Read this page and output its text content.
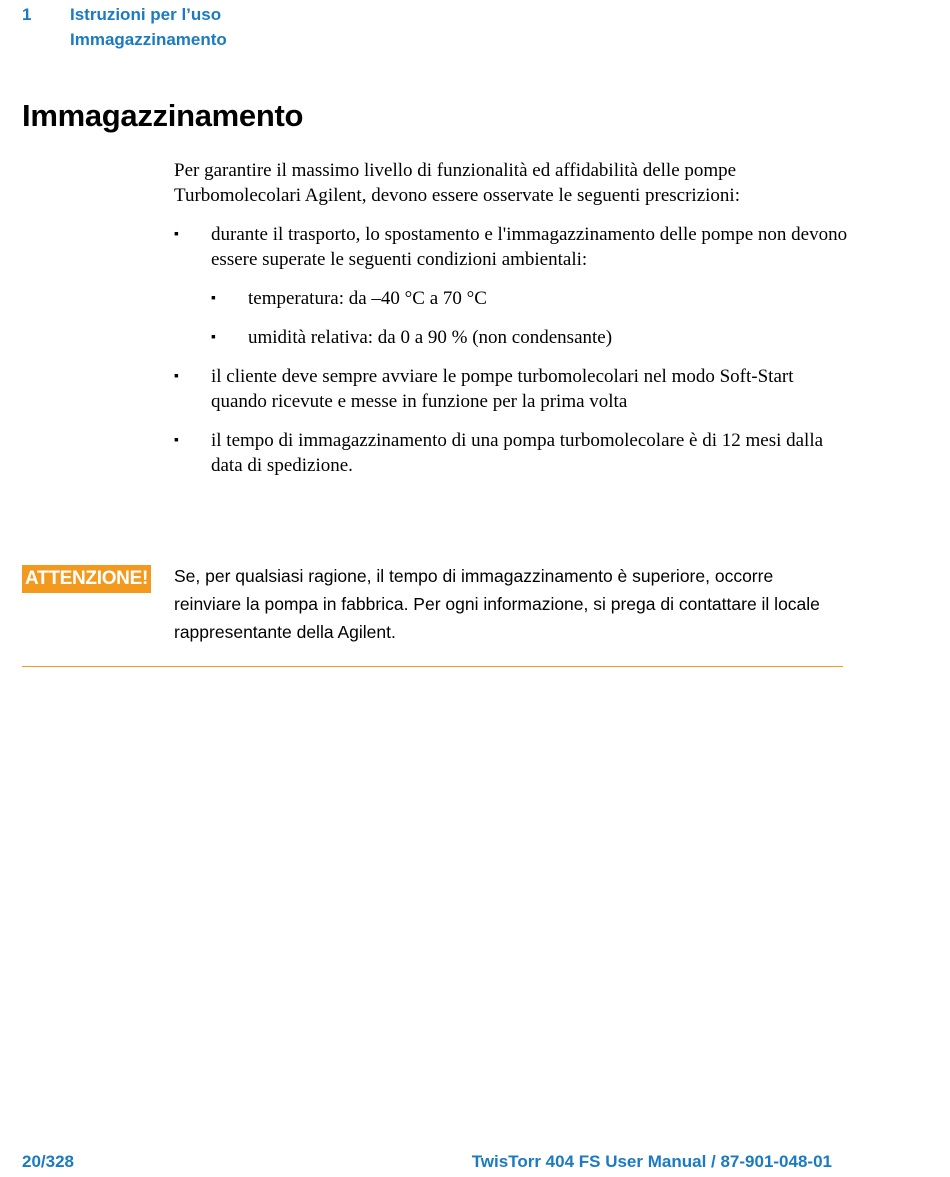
1 Istruzioni per l’uso
Immagazzinamento
Immagazzinamento

Per garantire il massimo livello di funzionalità ed affidabilità delle pompe Turbomolecolari Agilent, devono essere osservate le seguenti prescrizioni:

▪ durante il trasporto, lo spostamento e l'immagazzinamento delle pompe non devono essere superate le seguenti condizioni ambientali:
▪ temperatura: da –40 °C a 70 °C
▪ umidità relativa: da 0 a 90 % (non condensante)
▪ il cliente deve sempre avviare le pompe turbomolecolari nel modo Soft-Start quando ricevute e messe in funzione per la prima volta
▪ il tempo di immagazzinamento di una pompa turbomolecolare è di 12 mesi dalla data di spedizione.
ATTENZIONE! Se, per qualsiasi ragione, il tempo di immagazzinamento è superiore, occorre reinviare la pompa in fabbrica. Per ogni informazione, si prega di contattare il locale rappresentante della Agilent.

20/328	TwisTorr 404 FS User Manual / 87-901-048-01
